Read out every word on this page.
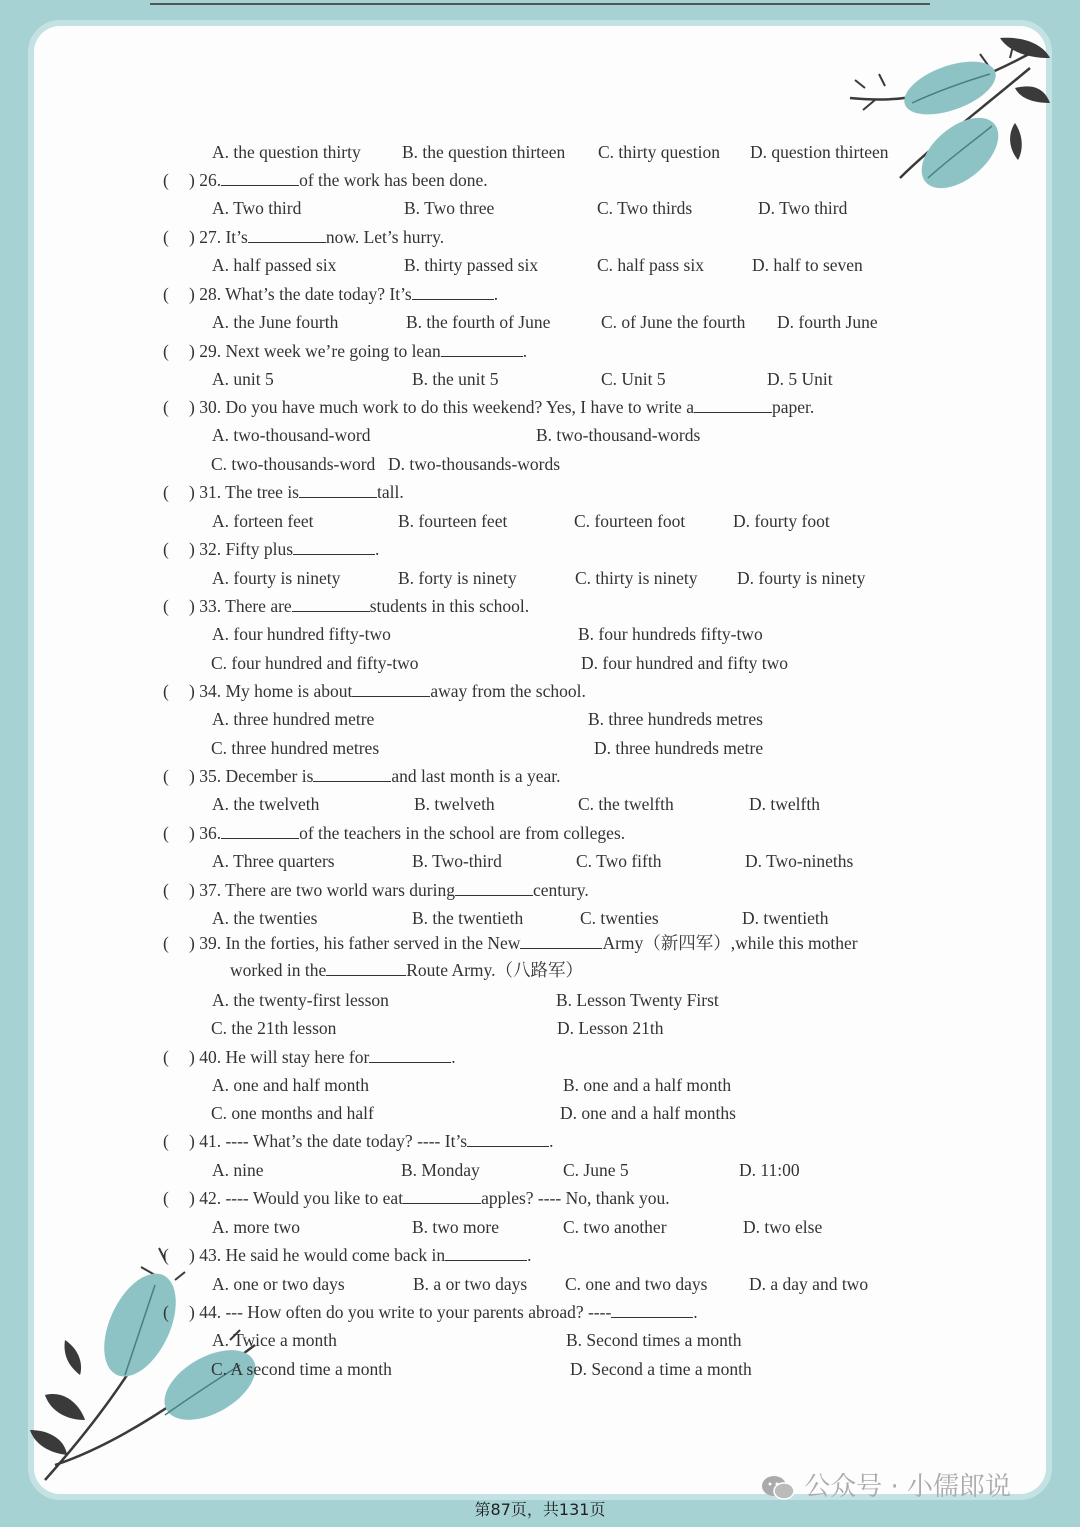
A. the question thirty B. the question thirteen C. thirty question D. question thirteen
( ) 26.	of the work has been done.
A. Two third	B. Two three	C. Two thirds	D. Two third
( ) 27. It’s	now. Let’s hurry.
A. half passed six	B. thirty passed six	C. half pass six	D. half to seven
( ) 28. What’s the date today? It’s	.
A. the June fourth	B. the fourth of June	C. of June the fourth D. fourth June
( ) 29. Next week we’re going to lean	.
A. unit 5	B. the unit 5	C. Unit 5	D. 5 Unit
( ) 30. Do you have much work to do this weekend? Yes, I have to write a	paper.
A. two-thousand-word	B. two-thousand-words
C. two-thousands-word D. two-thousands-words
( ) 31. The tree is	tall.
A. forteen feet	B. fourteen feet	C. fourteen foot	D. fourty foot
( ) 32. Fifty plus	.
A. fourty is ninety	B. forty is ninety	C. thirty is ninety D. fourty is ninety
( ) 33. There are	students in this school.
A. four hundred fifty-two	B. four hundreds fifty-two
C. four hundred and fifty-two	D. four hundred and fifty two
( ) 34. My home is about	away from the school.
A. three hundred metre	B. three hundreds metres
C. three hundred metres	D. three hundreds metre
( ) 35. December is	and last month is a year.
A. the twelveth	B. twelveth	C. the twelfth	D. twelfth
( ) 36.	of the teachers in the school are from colleges.
A. Three quarters	B. Two-third	C. Two fifth	D. Two-nineths
( ) 37. There are two world wars during	century.
A. the twenties	B. the twentieth	C. twenties	D. twentieth
( ) 39. In the forties, his father served in the New	Army（新四军）,while this mother
worked in the	Route Army.（八路军）
A. the twenty-first lesson	B. Lesson Twenty First
C. the 21th lesson	D. Lesson 21th
( ) 40. He will stay here for	.
A. one and half month	B. one and a half month
C. one months and half	D. one and a half months
( ) 41. ---- What’s the date today? ---- It’s	.
A. nine	B. Monday	C. June 5	D. 11:00
( ) 42. ---- Would you like to eat	apples? ---- No, thank you.
A. more two	B. two more	C. two another	D. two else
( ) 43. He said he would come back in	.
A. one or two days	B. a or two days C. one and two days D. a day and two
( ) 44. --- How often do you write to your parents abroad? ----	.
A. Twice a month	B. Second times a month
C. A second time a month	D. Second a time a month
第87页，共131页
公众号 · 小儒郎说
